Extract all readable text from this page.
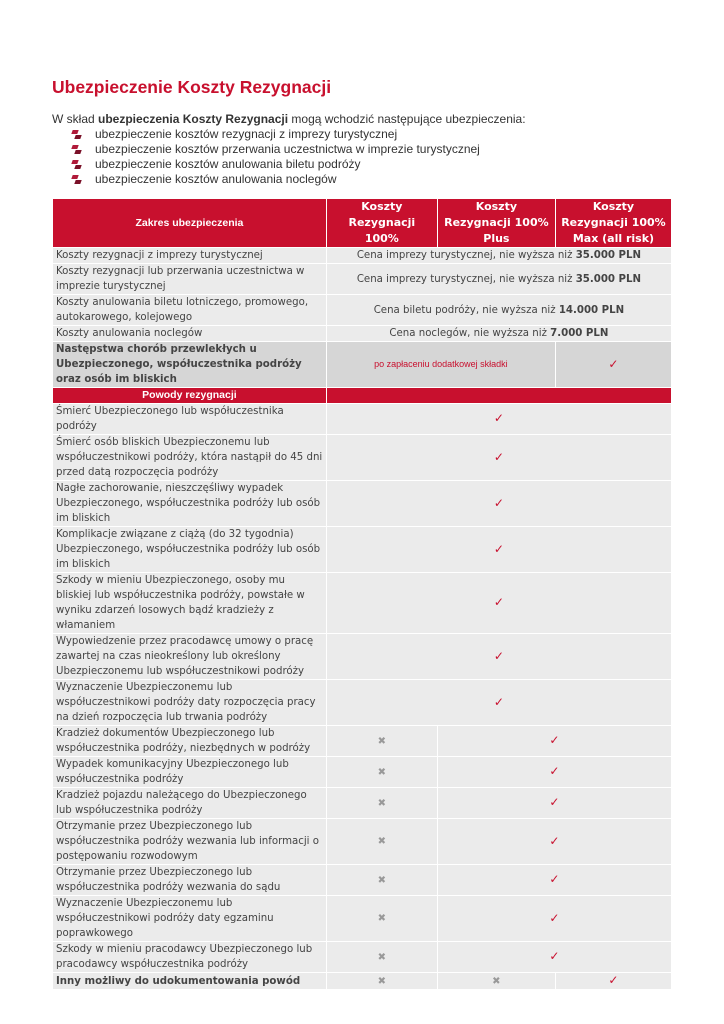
Ubezpieczenie Koszty Rezygnacji

W skład ubezpieczenia Koszty Rezygnacji mogą wchodzić następujące ubezpieczenia:

ubezpieczenie kosztów rezygnacji z imprezy turystycznej
ubezpieczenie kosztów przerwania uczestnictwa w imprezie turystycznej
ubezpieczenie kosztów anulowania biletu podróży
ubezpieczenie kosztów anulowania noclegów
Zakres ubezpieczenia	Koszty Rezygnacji 100%	Koszty Rezygnacji 100% Plus	Koszty Rezygnacji 100% Max (all risk)
Koszty rezygnacji z imprezy turystycznej	Cena imprezy turystycznej, nie wyższa niż 35.000 PLN		
Koszty rezygnacji lub przerwania uczestnictwa w imprezie turystycznej	Cena imprezy turystycznej, nie wyższa niż 35.000 PLN		
Koszty anulowania biletu lotniczego, promowego, autokarowego, kolejowego	Cena biletu podróży, nie wyższa niż 14.000 PLN		
Koszty anulowania noclegów	Cena noclegów, nie wyższa niż 7.000 PLN		
Następstwa chorób przewlekłych u Ubezpieczonego, współuczestnika podróży oraz osób im bliskich	po zapłaceniu dodatkowej składki		✓
Powody rezygnacji			
Śmierć Ubezpieczonego lub współuczestnika podróży	✓		
Śmierć osób bliskich Ubezpieczonemu lub współuczestnikowi podróży, która nastąpił do 45 dni przed datą rozpoczęcia podróży	✓		
Nagłe zachorowanie, nieszczęśliwy wypadek Ubezpieczonego, współuczestnika podróży lub osób im bliskich	✓		
Komplikacje związane z ciążą (do 32 tygodnia) Ubezpieczonego, współuczestnika podróży lub osób im bliskich	✓		
Szkody w mieniu Ubezpieczonego, osoby mu bliskiej lub współuczestnika podróży, powstałe w wyniku zdarzeń losowych bądź kradzieży z włamaniem	✓		
Wypowiedzenie przez pracodawcę umowy o pracę zawartej na czas nieokreślony lub określony Ubezpieczonemu lub współuczestnikowi podróży	✓		
Wyznaczenie Ubezpieczonemu lub współuczestnikowi podróży daty rozpoczęcia pracy na dzień rozpoczęcia lub trwania podróży	✓		
Kradzież dokumentów Ubezpieczonego lub współuczestnika podróży, niezbędnych w podróży	✖	✓	
Wypadek komunikacyjny Ubezpieczonego lub współuczestnika podróży	✖	✓	
Kradzież pojazdu należącego do Ubezpieczonego lub współuczestnika podróży	✖	✓	
Otrzymanie przez Ubezpieczonego lub współuczestnika podróży wezwania lub informacji o postępowaniu rozwodowym	✖	✓	
Otrzymanie przez Ubezpieczonego lub współuczestnika podróży wezwania do sądu	✖	✓	
Wyznaczenie Ubezpieczonemu lub współuczestnikowi podróży daty egzaminu poprawkowego	✖	✓	
Szkody w mieniu pracodawcy Ubezpieczonego lub pracodawcy współuczestnika podróży	✖	✓	
Inny możliwy do udokumentowania powód	✖	✖	✓
